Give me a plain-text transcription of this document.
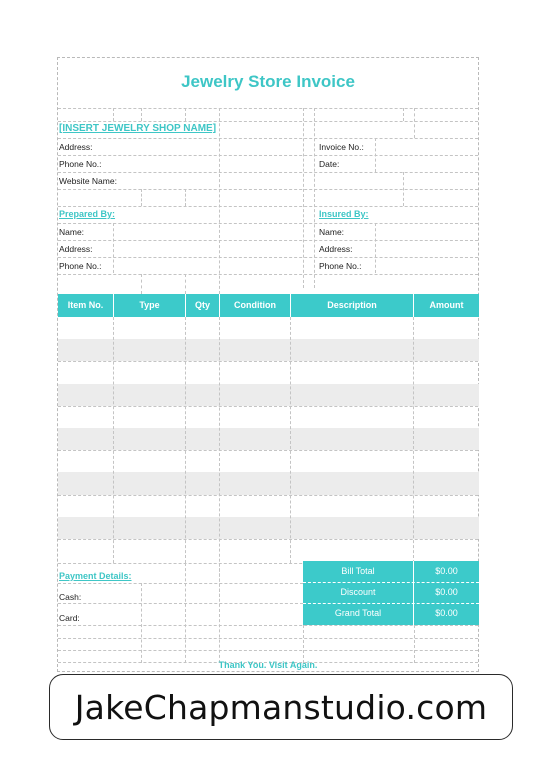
Jewelry Store Invoice
[INSERT JEWELRY SHOP NAME]
Address:
Phone No.:
Website Name:
Invoice No.:
Date:
Prepared By:
Name:
Address:
Phone No.:
Insured By:
Name:
Address:
Phone No.:
Item No.	Type	Qty	Condition	Description	Amount
Payment Details:
Cash:
Card:
Bill Total	$0.00
Discount	$0.00
Grand Total	$0.00
Thank You. Visit Again.
JakeChapmanstudio.com
